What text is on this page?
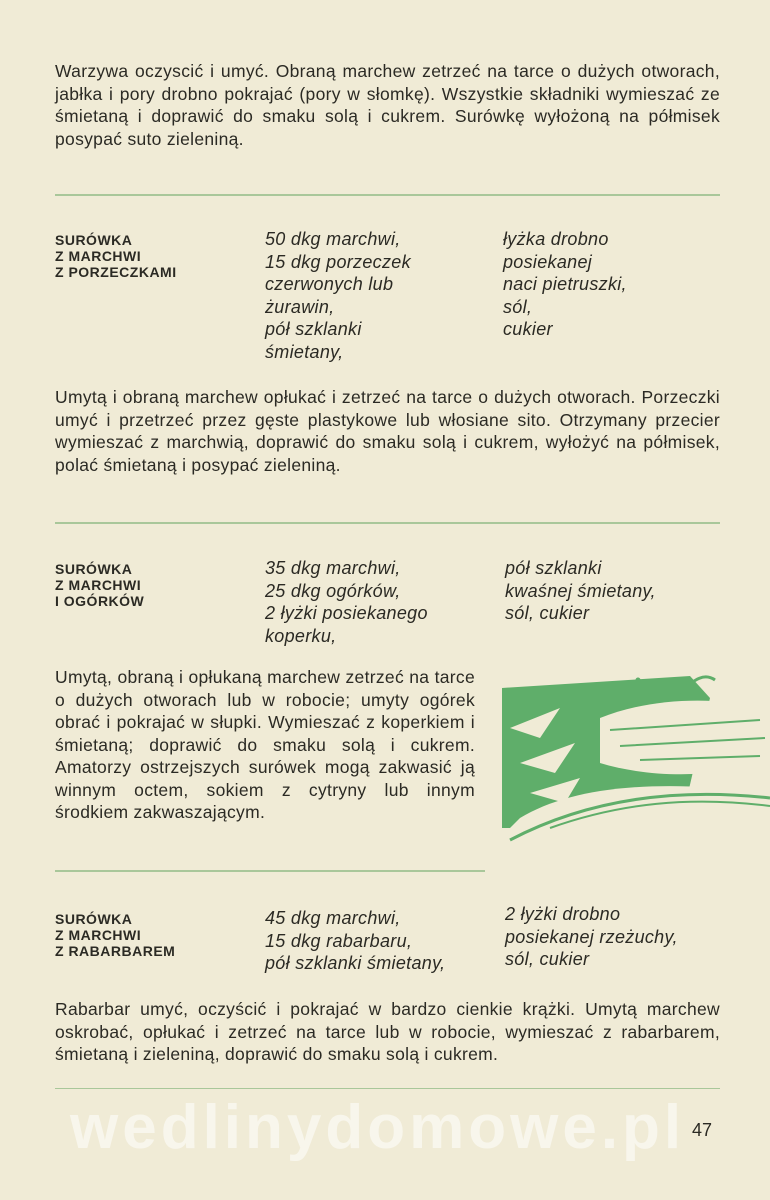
Warzywa oczyscić i umyć. Obraną marchew zetrzeć na tarce o dużych otworach, jabłka i pory drobno pokrajać (pory w słomkę). Wszystkie składniki wymieszać ze śmietaną i doprawić do smaku solą i cukrem. Surówkę wyłożoną na półmisek posypać suto zieleniną.

SURÓWKA
Z MARCHWI
Z PORZECZKAMI
50 dkg marchwi,
15 dkg porzeczek
czerwonych lub
żurawin,
pół szklanki
śmietany,
łyżka drobno
posiekanej
naci pietruszki,
sól,
cukier

Umytą i obraną marchew opłukać i zetrzeć na tarce o dużych otworach. Porzeczki umyć i przetrzeć przez gęste plastykowe lub włosiane sito. Otrzymany przecier wymieszać z marchwią, doprawić do smaku solą i cukrem, wyłożyć na półmisek, polać śmietaną i posypać zieleniną.

SURÓWKA
Z MARCHWI
I OGÓRKÓW
35 dkg marchwi,
25 dkg ogórków,
2 łyżki posiekanego
koperku,
pół szklanki
kwaśnej śmietany,
sól, cukier

Umytą, obraną i opłukaną marchew zetrzeć na tarce o dużych otworach lub w robocie; umyty ogórek obrać i pokrajać w słupki. Wymieszać z koperkiem i śmietaną; doprawić do smaku solą i cukrem. Amatorzy ostrzejszych surówek mogą zakwasić ją winnym octem, sokiem z cytryny lub innym środkiem zakwaszającym.

SURÓWKA
Z MARCHWI
Z RABARBAREM
45 dkg marchwi,
15 dkg rabarbaru,
pół szklanki śmietany,
2 łyżki drobno
posiekanej rzeżuchy,
sól, cukier

Rabarbar umyć, oczyścić i pokrajać w bardzo cienkie krążki. Umytą marchew oskrobać, opłukać i zetrzeć na tarce lub w robocie, wymieszać z rabarbarem, śmietaną i zieleniną, doprawić do smaku solą i cukrem.

wedlinydomowe.pl 47
